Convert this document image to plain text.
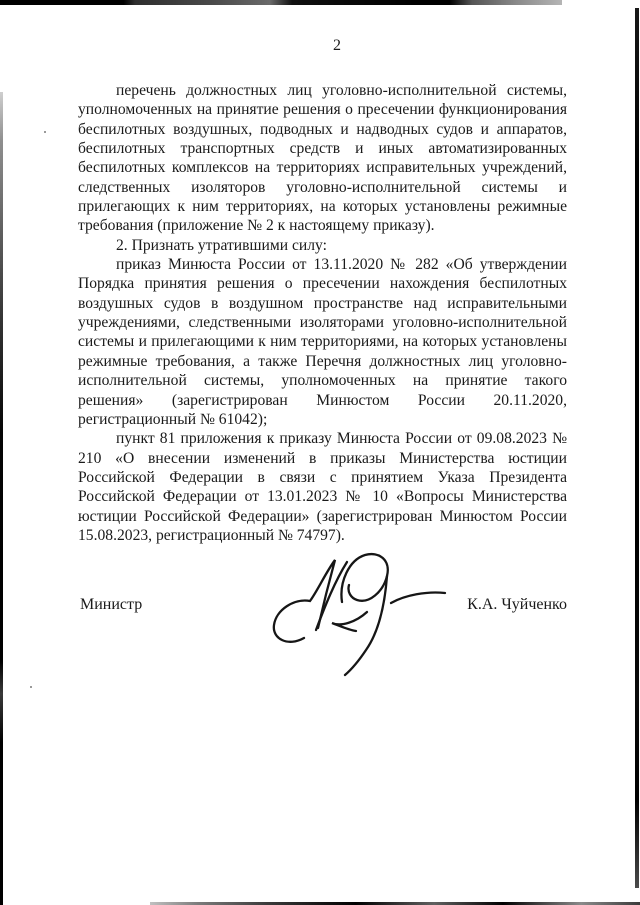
2

перечень должностных лиц уголовно-исполнительной системы, уполномоченных на принятие решения о пресечении функционирования беспилотных воздушных, подводных и надводных судов и аппаратов, беспилотных транспортных средств и иных автоматизированных беспилотных комплексов на территориях исправительных учреждений, следственных изоляторов уголовно-исполнительной системы и прилегающих к ним территориях, на которых установлены режимные требования (приложение № 2 к настоящему приказу).

2. Признать утратившими силу:

приказ Минюста России от 13.11.2020 № 282 «Об утверждении Порядка принятия решения о пресечении нахождения беспилотных воздушных судов в воздушном пространстве над исправительными учреждениями, следственными изоляторами уголовно-исполнительной системы и прилегающими к ним территориями, на которых установлены режимные требования, а также Перечня должностных лиц уголовно-исполнительной системы, уполномоченных на принятие такого решения» (зарегистрирован Минюстом России 20.11.2020, регистрационный № 61042);

пункт 81 приложения к приказу Минюста России от 09.08.2023 № 210 «О внесении изменений в приказы Министерства юстиции Российской Федерации в связи с принятием Указа Президента Российской Федерации от 13.01.2023 № 10 «Вопросы Министерства юстиции Российской Федерации» (зарегистрирован Минюстом России 15.08.2023, регистрационный № 74797).

Министр	К.А. Чуйченко
